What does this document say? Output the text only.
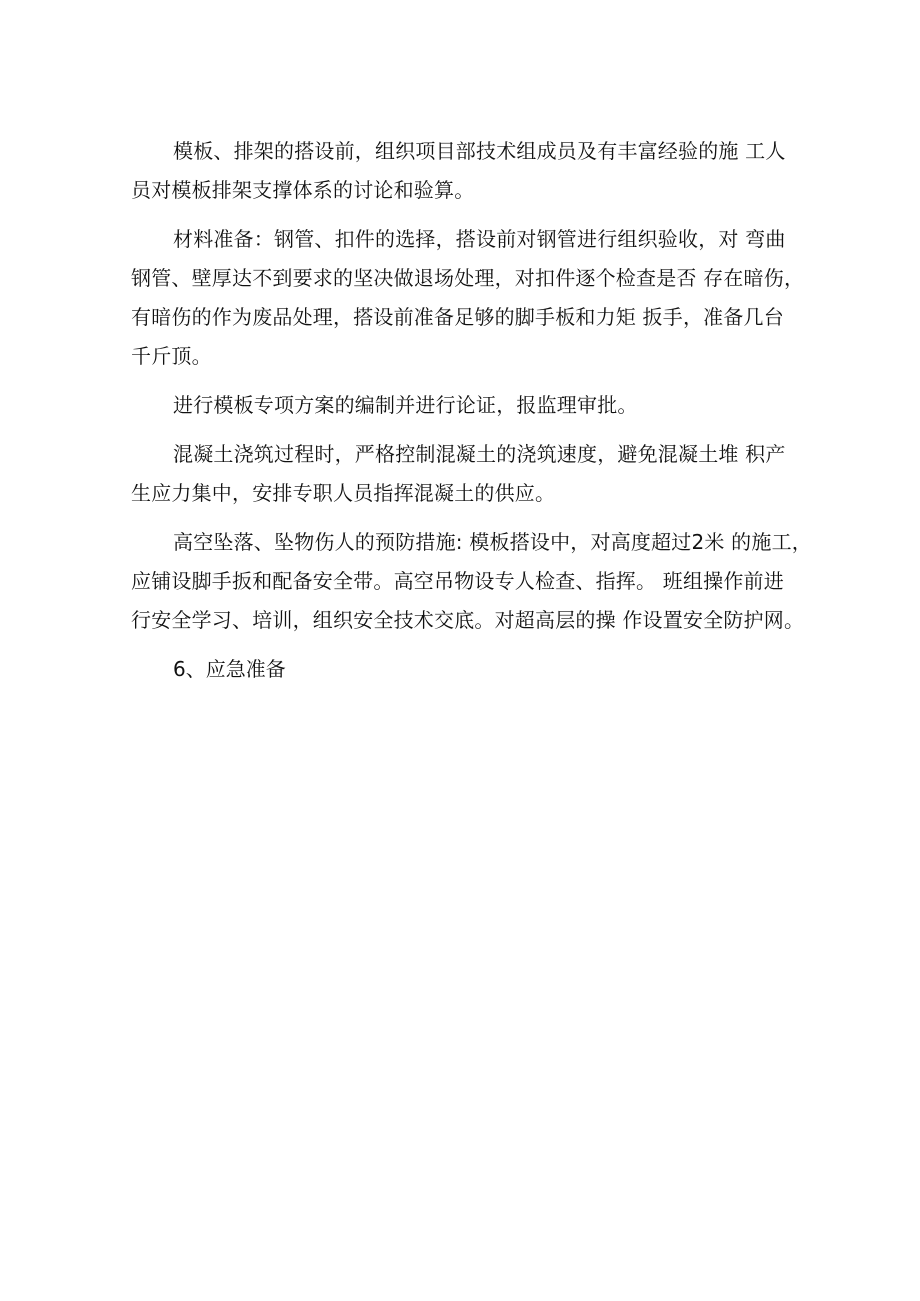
模板、排架的搭设前，组织项目部技术组成员及有丰富经验的施 工人
员对模板排架支撑体系的讨论和验算。

材料准备：钢管、扣件的选择，搭设前对钢管进行组织验收，对 弯曲
钢管、壁厚达不到要求的坚决做退场处理，对扣件逐个检查是否 存在暗伤，
有暗伤的作为废品处理，搭设前准备足够的脚手板和力矩 扳手，准备几台
千斤顶。

进行模板专项方案的编制并进行论证，报监理审批。

混凝土浇筑过程时，严格控制混凝土的浇筑速度，避免混凝土堆 积产
生应力集中，安排专职人员指挥混凝土的供应。

高空坠落、坠物伤人的预防措施: 模板搭设中，对高度超过2米 的施工，
应铺设脚手扳和配备安全带。高空吊物设专人检查、指挥。 班组操作前进
行安全学习、培训，组织安全技术交底。对超高层的操 作设置安全防护网。

6、应急准备
